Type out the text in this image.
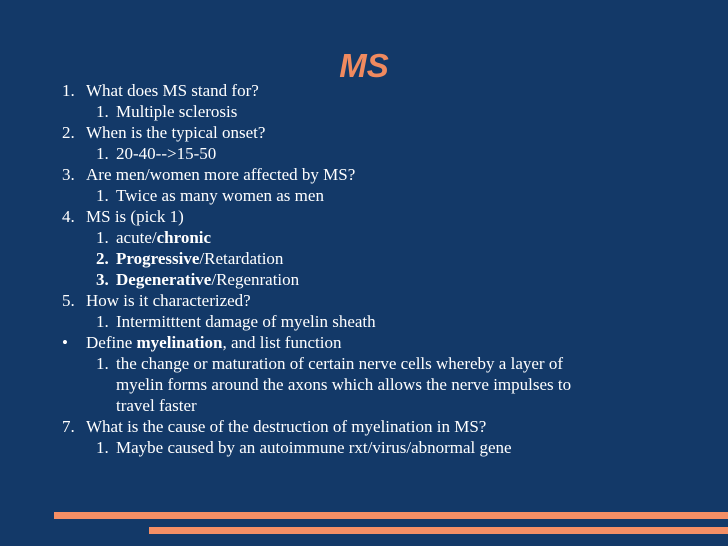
MS
1. What does MS stand for?
1. Multiple sclerosis
2. When is the typical onset?
1. 20-40-->15-50
3. Are men/women more affected by MS?
1. Twice as many women as men
4. MS is (pick 1)
1. acute/chronic
2. Progressive/Retardation
3. Degenerative/Regenration
5. How is it characterized?
1. Intermitttent damage of myelin sheath
• Define myelination, and list function
1. the change or maturation of certain nerve cells whereby a layer of
myelin forms around the axons which allows the nerve impulses to
travel faster
7. What is the cause of the destruction of myelination in MS?
1. Maybe caused by an autoimmune rxt/virus/abnormal gene
